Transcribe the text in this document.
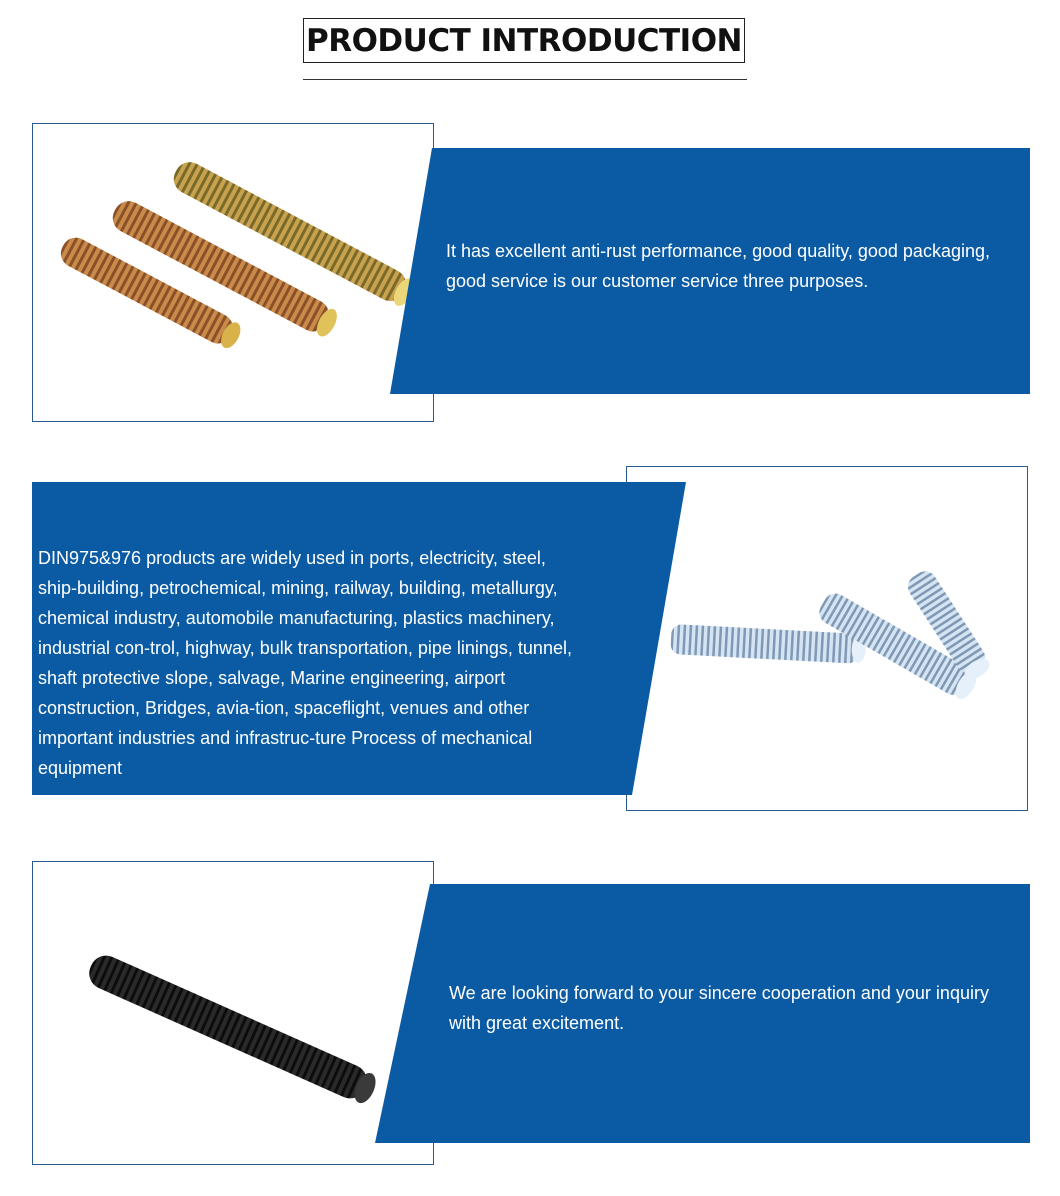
PRODUCT INTRODUCTION
It has excellent anti-rust performance, good quality, good packaging, good service is our customer service three purposes.
DIN975&976 products are widely used in ports, electricity, steel, ship-building, petrochemical, mining, railway, building, metallurgy, chemical industry, automobile manufacturing, plastics machinery, industrial con-trol, highway, bulk transportation, pipe linings, tunnel, shaft protective slope, salvage, Marine engineering, airport construction, Bridges, avia-tion, spaceflight, venues and other important industries and infrastruc-ture Process of mechanical equipment
We are looking forward to your sincere cooperation and your inquiry with great excitement.
